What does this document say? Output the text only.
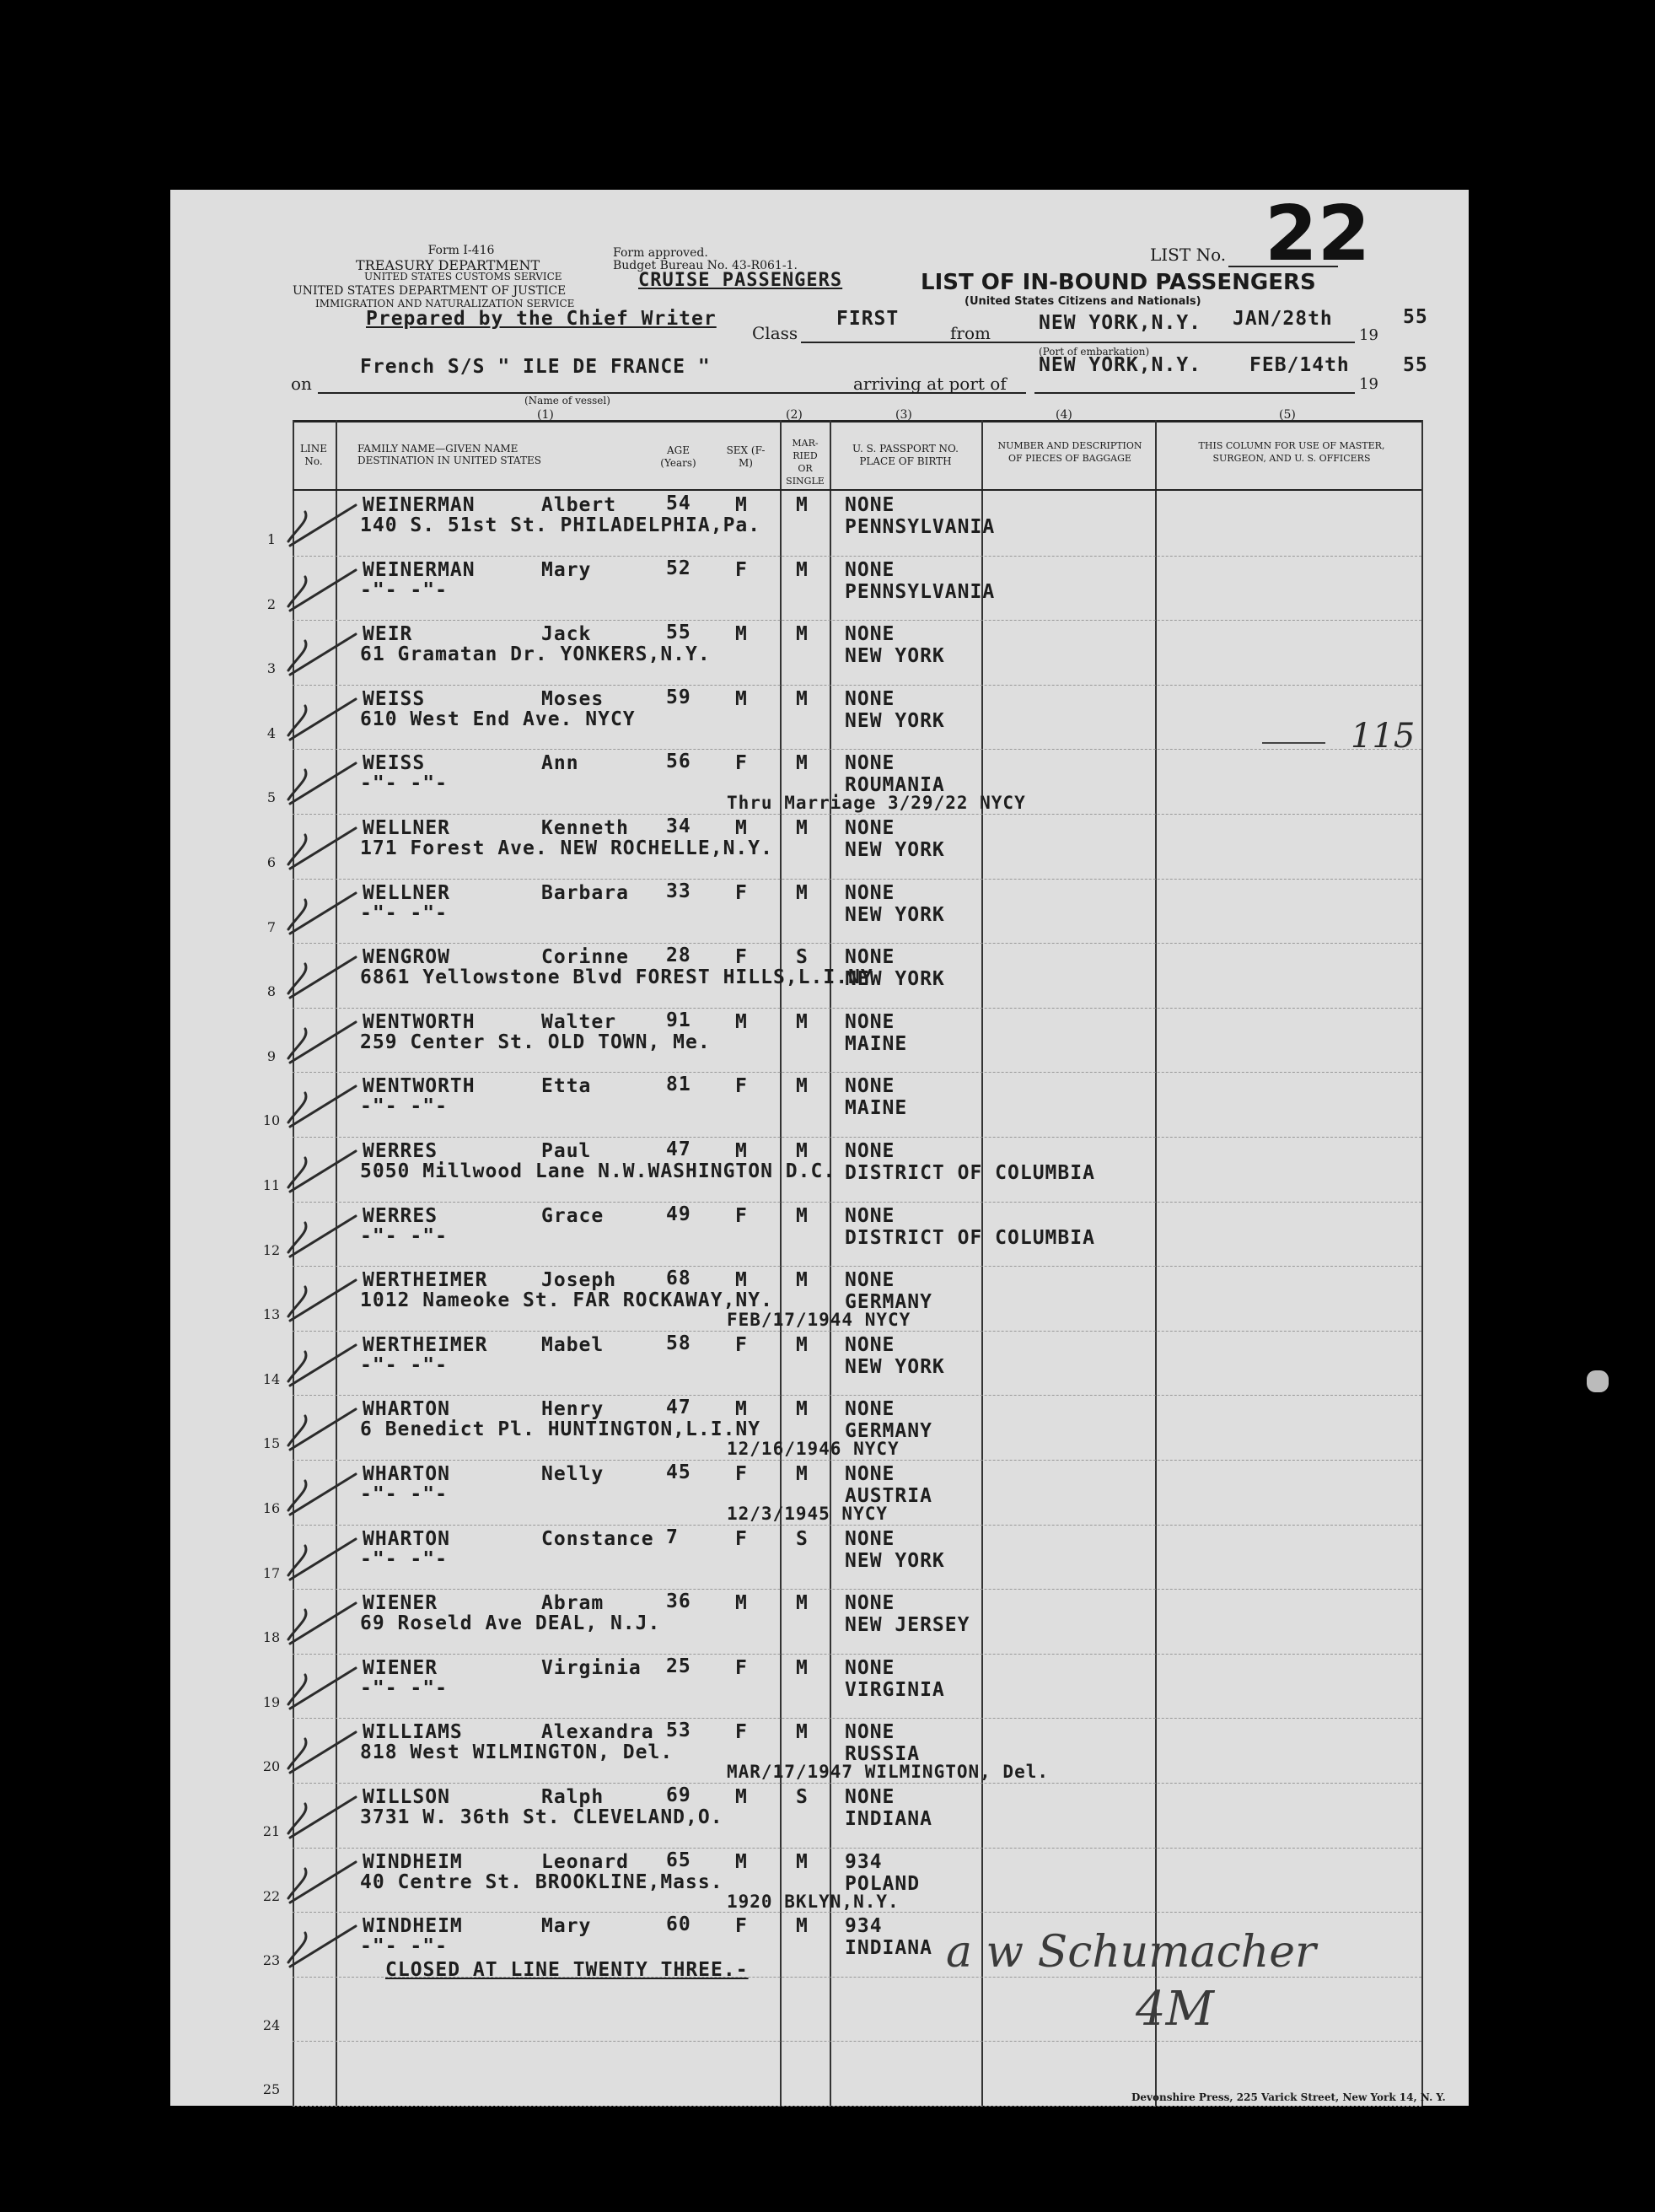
Form I-416
TREASURY DEPARTMENT
UNITED STATES CUSTOMS SERVICE
UNITED STATES DEPARTMENT OF JUSTICE
IMMIGRATION AND NATURALIZATION SERVICE
Form approved.
Budget Bureau No. 43-R061-1.
LIST No. 22
CRUISE PASSENGERS	LIST OF IN-BOUND PASSENGERS
(United States Citizens and Nationals)
Prepared by the Chief Writer
Class
FIRST
from NEW YORK,N.Y. JAN/28th
19
55
(Port of embarkation)
on
French S/S " ILE DE FRANCE "
arriving at port of
NEW YORK,N.Y. FEB/14th
19
55
(Name of vessel)
(1)	(2)	(3)	(4)	(5)
LINE No.
FAMILY NAME—GIVEN NAME
DESTINATION IN UNITED STATES
AGE (Years)
SEX (F-M)
MAR-RIED OR SINGLE
U. S. PASSPORT NO. PLACE OF BIRTH
NUMBER AND DESCRIPTION OF PIECES OF BAGGAGE
THIS COLUMN FOR USE OF MASTER, SURGEON, AND U. S. OFFICERS
1
WEINERMAN	Albert	54 M M NONE
PENNSYLVANIA
140 S. 51st St. PHILADELPHIA,Pa.
2
WEINERMAN	Mary	52 F M NONE
PENNSYLVANIA
-"- -"-
3
WEIR	Jack	55 M M NONE
NEW YORK
61 Gramatan Dr. YONKERS,N.Y.
4
WEISS	Moses	59 M M NONE
NEW YORK
610 West End Ave. NYCY
5
WEISS	Ann	56 F M NONE
ROUMANIA
-"- -"-
Thru Marriage 3/29/22 NYCY
6
WELLNER	Kenneth 34 M M NONE
NEW YORK
171 Forest Ave. NEW ROCHELLE,N.Y.
7
WELLNER	Barbara 33 F M NONE
NEW YORK
-"- -"-
8
WENGROW	Corinne 28 F S NONE
NEW YORK
6861 Yellowstone Blvd FOREST HILLS,L.I.NY
9
WENTWORTH	Walter	91 M M NONE
MAINE
259 Center St. OLD TOWN, Me.
10
WENTWORTH	Etta	81 F M NONE
MAINE
-"- -"-
11
WERRES	Paul	47 M M NONE
DISTRICT OF COLUMBIA
5050 Millwood Lane N.W.WASHINGTON D.C.
12
WERRES	Grace	49 F M NONE
DISTRICT OF COLUMBIA
-"- -"-
13
WERTHEIMER	Joseph	68 M M NONE
GERMANY
1012 Nameoke St. FAR ROCKAWAY,NY.
FEB/17/1944 NYCY
14
WERTHEIMER	Mabel	58 F M NONE
NEW YORK
-"- -"-
15
WHARTON	Henry	47 M M NONE
GERMANY
6 Benedict Pl. HUNTINGTON,L.I.NY
12/16/1946 NYCY
16
WHARTON	Nelly	45 F M NONE
AUSTRIA
-"- -"-
12/3/1945 NYCY
17
WHARTON	Constance 7	F S NONE
NEW YORK
-"- -"-
18
WIENER	Abram	36 M M NONE
NEW JERSEY
69 Roseld Ave DEAL, N.J.
19
WIENER	Virginia 25 F M NONE
VIRGINIA
-"- -"-
20
WILLIAMS	Alexandra 53 F M NONE
RUSSIA
818 West WILMINGTON, Del.
MAR/17/1947 WILMINGTON, Del.
21
WILLSON	Ralph	69 M S NONE
INDIANA
3731 W. 36th St. CLEVELAND,O.
22
WINDHEIM	Leonard 65 M M 934
POLAND
40 Centre St. BROOKLINE,Mass.
1920 BKLYN,N.Y.
23
WINDHEIM	Mary	60 F M 934
INDIANA
-"- -"-
24
25
CLOSED AT LINE TWENTY THREE.-
115
a w Schumacher
4M
Devonshire Press, 225 Varick Street, New York 14, N. Y.
